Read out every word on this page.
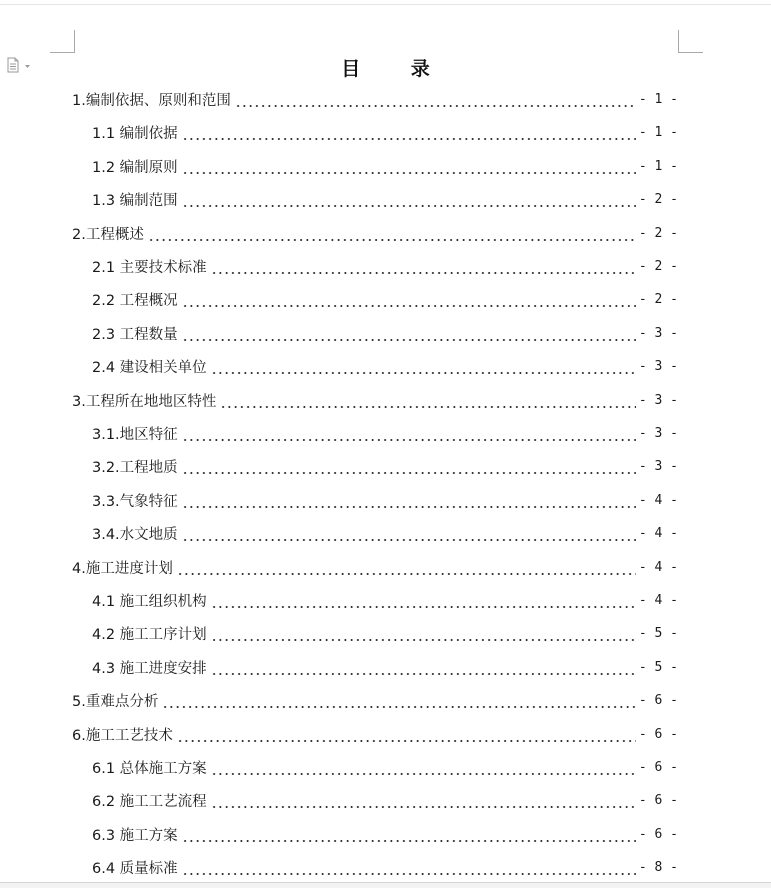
目 录
1.编制依据、原则和范围	- 1 -
1.1 编制依据	- 1 -
1.2 编制原则	- 1 -
1.3 编制范围	- 2 -
2.工程概述	- 2 -
2.1 主要技术标准	- 2 -
2.2 工程概况	- 2 -
2.3 工程数量	- 3 -
2.4 建设相关单位	- 3 -
3.工程所在地地区特性	- 3 -
3.1.地区特征	- 3 -
3.2.工程地质	- 3 -
3.3.气象特征	- 4 -
3.4.水文地质	- 4 -
4.施工进度计划	- 4 -
4.1 施工组织机构	- 4 -
4.2 施工工序计划	- 5 -
4.3 施工进度安排	- 5 -
5.重难点分析	- 6 -
6.施工工艺技术	- 6 -
6.1 总体施工方案	- 6 -
6.2 施工工艺流程	- 6 -
6.3 施工方案	- 6 -
6.4 质量标准	- 8 -
